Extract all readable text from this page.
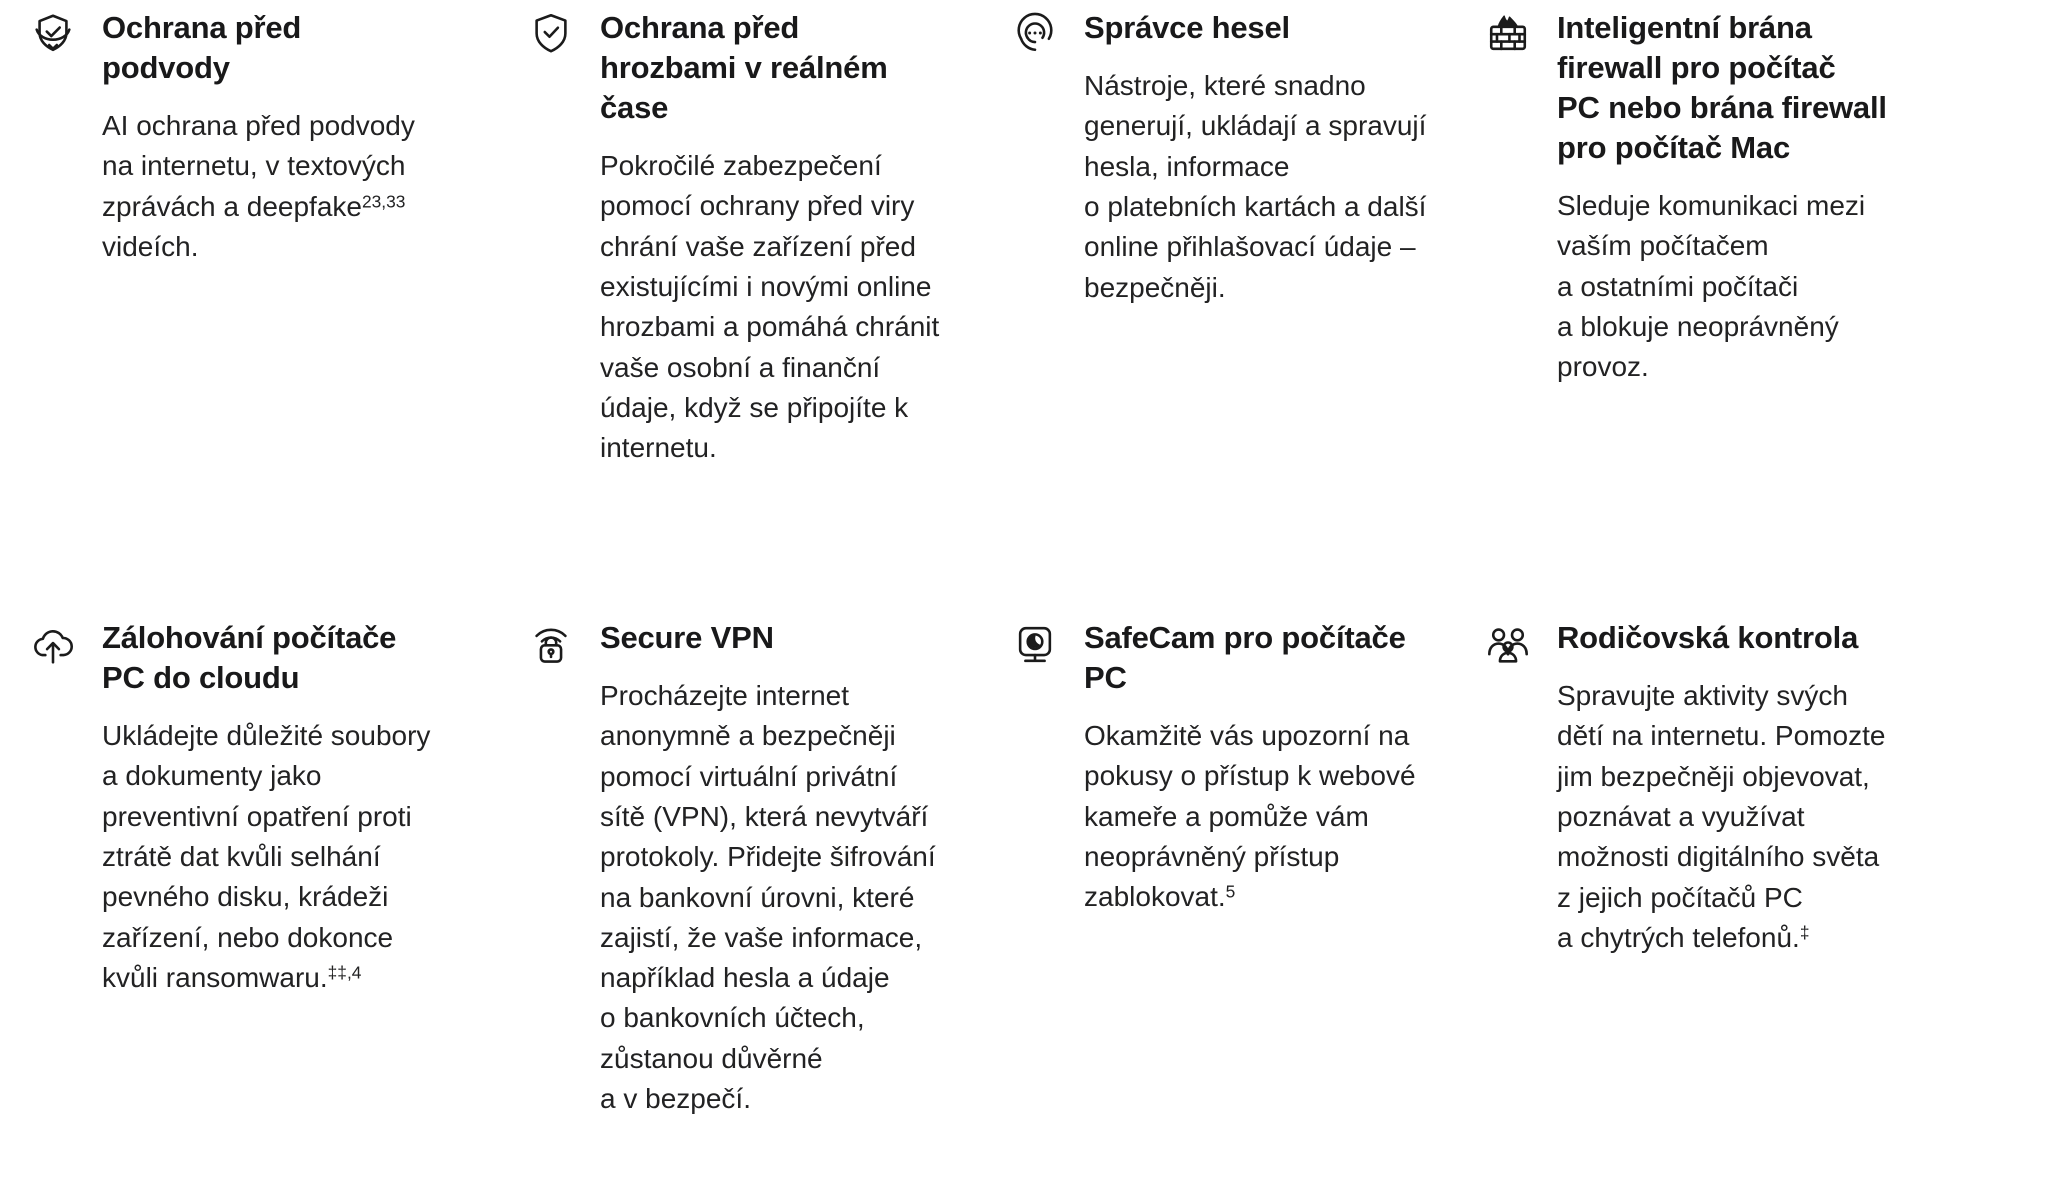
Ochrana před
podvody

AI ochrana před podvody
na internetu, v textových
zprávách a deepfake$^{23,33}$
videích.

Ochrana před
hrozbami v reálném
čase

Pokročilé zabezpečení
pomocí ochrany před viry
chrání vaše zařízení před
existujícími i novými online
hrozbami a pomáhá chránit
vaše osobní a finanční
údaje, když se připojíte k
internetu.

Správce hesel

Nástroje, které snadno
generují, ukládají a spravují
hesla, informace
o platebních kartách a další
online přihlašovací údaje –
bezpečněji.

Inteligentní brána
firewall pro počítač
PC nebo brána firewall
pro počítač Mac

Sleduje komunikaci mezi
vaším počítačem
a ostatními počítači
a blokuje neoprávněný
provoz.

Zálohování počítače
PC do cloudu

Ukládejte důležité soubory
a dokumenty jako
preventivní opatření proti
ztrátě dat kvůli selhání
pevného disku, krádeži
zařízení, nebo dokonce
kvůli ransomwaru.$^{\ddagger\ddagger,4}$

Secure VPN

Procházejte internet
anonymně a bezpečněji
pomocí virtuální privátní
sítě (VPN), která nevytváří
protokoly. Přidejte šifrování
na bankovní úrovni, které
zajistí, že vaše informace,
například hesla a údaje
o bankovních účtech,
zůstanou důvěrné
a v bezpečí.

SafeCam pro počítače
PC

Okamžitě vás upozorní na
pokusy o přístup k webové
kameře a pomůže vám
neoprávněný přístup
zablokovat.$^5$

Rodičovská kontrola

Spravujte aktivity svých
dětí na internetu. Pomozte
jim bezpečněji objevovat,
poznávat a využívat
možnosti digitálního světa
z jejich počítačů PC
a chytrých telefonů.‡
